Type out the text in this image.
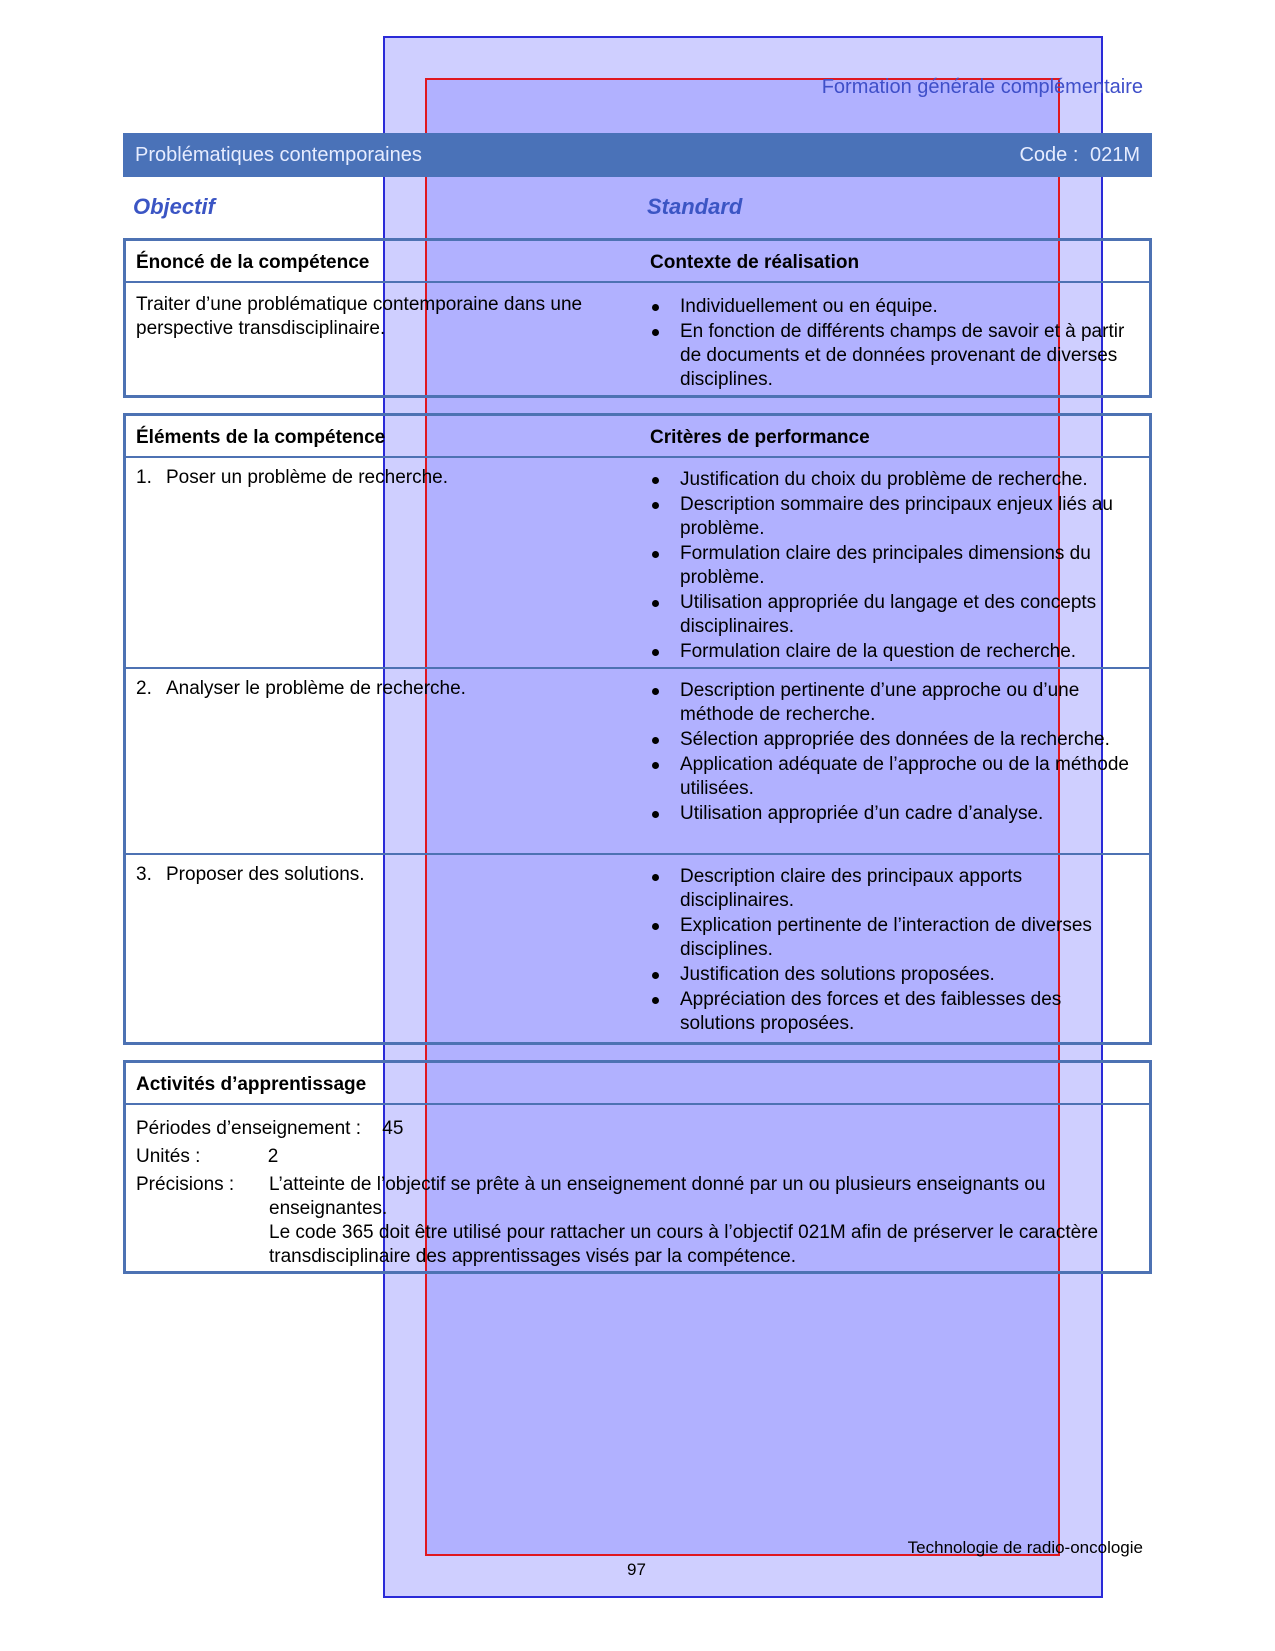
Formation générale complémentaire
Problématiques contemporaines	Code : 021M
Objectif	Standard
Énoncé de la compétence	Contexte de réalisation
Traiter d’une problématique contemporaine dans une perspective transdisciplinaire.
Individuellement ou en équipe.
En fonction de différents champs de savoir et à partir de documents et de données provenant de diverses disciplines.
Éléments de la compétence	Critères de performance
1. Poser un problème de recherche.	Justification du choix du problème de recherche.
Description sommaire des principaux enjeux liés au problème.
Formulation claire des principales dimensions du problème.
Utilisation appropriée du langage et des concepts disciplinaires.
Formulation claire de la question de recherche.
2. Analyser le problème de recherche.	Description pertinente d’une approche ou d’une méthode de recherche.
Sélection appropriée des données de la recherche.
Application adéquate de l’approche ou de la méthode utilisées.
Utilisation appropriée d’un cadre d’analyse.
3. Proposer des solutions.	Description claire des principaux apports disciplinaires.
Explication pertinente de l’interaction de diverses disciplines.
Justification des solutions proposées.
Appréciation des forces et des faiblesses des solutions proposées.
Activités d’apprentissage
Périodes d’enseignement : 45
Unités :	2
Précisions : L’atteinte de l’objectif se prête à un enseignement donné par un ou plusieurs enseignants ou enseignantes.
Le code 365 doit être utilisé pour rattacher un cours à l’objectif 021M afin de préserver le caractère transdisciplinaire des apprentissages visés par la compétence.
Technologie de radio-oncologie
97
